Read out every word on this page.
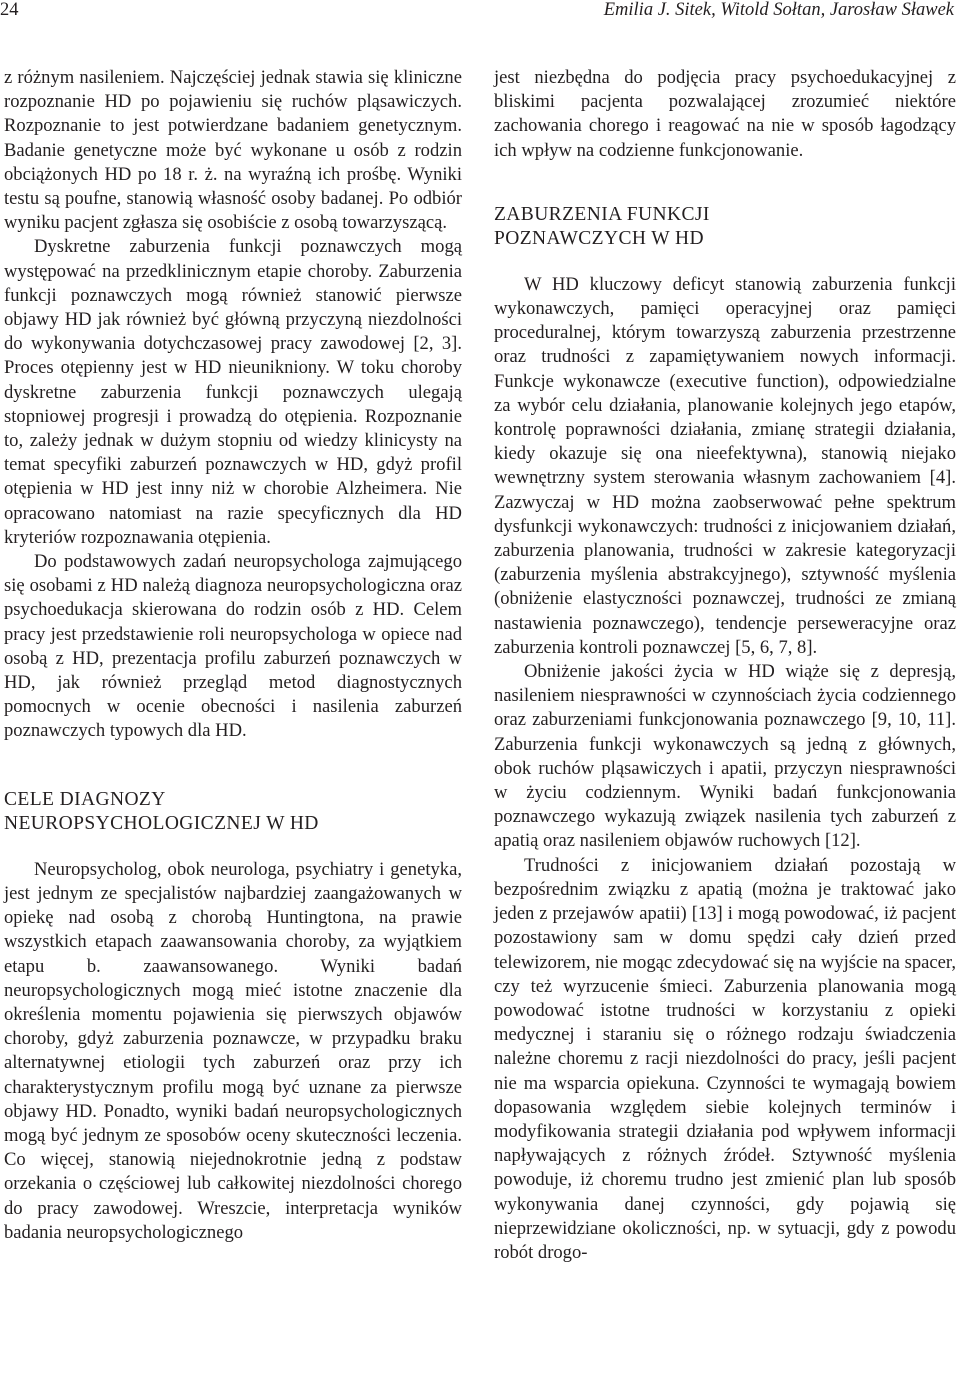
24	Emilia J. Sitek, Witold Sołtan, Jarosław Sławek

z różnym nasileniem. Najczęściej jednak stawia się kliniczne rozpoznanie HD po pojawieniu się ruchów pląsawiczych. Rozpoznanie to jest potwierdzane badaniem genetycznym. Badanie genetyczne może być wykonane u osób z rodzin obciążonych HD po 18 r. ż. na wyraźną ich prośbę. Wyniki testu są poufne, stanowią własność osoby badanej. Po odbiór wyniku pacjent zgłasza się osobiście z osobą towarzyszącą.

Dyskretne zaburzenia funkcji poznawczych mogą występować na przedklinicznym etapie choroby. Zaburzenia funkcji poznawczych mogą również stanowić pierwsze objawy HD jak również być główną przyczyną niezdolności do wykonywania dotychczasowej pracy zawodowej [2, 3]. Proces otępienny jest w HD nieunikniony. W toku choroby dyskretne zaburzenia funkcji poznawczych ulegają stopniowej progresji i prowadzą do otępienia. Rozpoznanie to, zależy jednak w dużym stopniu od wiedzy klinicysty na temat specyfiki zaburzeń poznawczych w HD, gdyż profil otępienia w HD jest inny niż w chorobie Alzheimera. Nie opracowano natomiast na razie specyficznych dla HD kryteriów rozpoznawania otępienia.

Do podstawowych zadań neuropsychologa zajmującego się osobami z HD należą diagnoza neuropsychologiczna oraz psychoedukacja skierowana do rodzin osób z HD. Celem pracy jest przedstawienie roli neuropsychologa w opiece nad osobą z HD, prezentacja profilu zaburzeń poznawczych w HD, jak również przegląd metod diagnostycznych pomocnych w ocenie obecności i nasilenia zaburzeń poznawczych typowych dla HD.

CELE DIAGNOZY
NEUROPSYCHOLOGICZNEJ W HD

Neuropsycholog, obok neurologa, psychiatry i genetyka, jest jednym ze specjalistów najbardziej zaangażowanych w opiekę nad osobą z chorobą Huntingtona, na prawie wszystkich etapach zaawansowania choroby, za wyjątkiem etapu b. zaawansowanego. Wyniki badań neuropsychologicznych mogą mieć istotne znaczenie dla określenia momentu pojawienia się pierwszych objawów choroby, gdyż zaburzenia poznawcze, w przypadku braku alternatywnej etiologii tych zaburzeń oraz przy ich charakterystycznym profilu mogą być uznane za pierwsze objawy HD. Ponadto, wyniki badań neuropsychologicznych mogą być jednym ze sposobów oceny skuteczności leczenia. Co więcej, stanowią niejednokrotnie jedną z podstaw orzekania o częściowej lub całkowitej niezdolności chorego do pracy zawodowej. Wreszcie, interpretacja wyników badania neuropsychologicznego

jest niezbędna do podjęcia pracy psychoedukacyjnej z bliskimi pacjenta pozwalającej zrozumieć niektóre zachowania chorego i reagować na nie w sposób łagodzący ich wpływ na codzienne funkcjonowanie.

ZABURZENIA FUNKCJI
POZNAWCZYCH W HD

W HD kluczowy deficyt stanowią zaburzenia funkcji wykonawczych, pamięci operacyjnej oraz pamięci proceduralnej, którym towarzyszą zaburzenia przestrzenne oraz trudności z zapamiętywaniem nowych informacji. Funkcje wykonawcze (executive function), odpowiedzialne za wybór celu działania, planowanie kolejnych jego etapów, kontrolę poprawności działania, zmianę strategii działania, kiedy okazuje się ona nieefektywna), stanowią niejako wewnętrzny system sterowania własnym zachowaniem [4]. Zazwyczaj w HD można zaobserwować pełne spektrum dysfunkcji wykonawczych: trudności z inicjowaniem działań, zaburzenia planowania, trudności w zakresie kategoryzacji (zaburzenia myślenia abstrakcyjnego), sztywność myślenia (obniżenie elastyczności poznawczej, trudności ze zmianą nastawienia poznawczego), tendencje perseweracyjne oraz zaburzenia kontroli poznawczej [5, 6, 7, 8].

Obniżenie jakości życia w HD wiąże się z depresją, nasileniem niesprawności w czynnościach życia codziennego oraz zaburzeniami funkcjonowania poznawczego [9, 10, 11]. Zaburzenia funkcji wykonawczych są jedną z głównych, obok ruchów pląsawiczych i apatii, przyczyn niesprawności w życiu codziennym. Wyniki badań funkcjonowania poznawczego wykazują związek nasilenia tych zaburzeń z apatią oraz nasileniem objawów ruchowych [12].

Trudności z inicjowaniem działań pozostają w bezpośrednim związku z apatią (można je traktować jako jeden z przejawów apatii) [13] i mogą powodować, iż pacjent pozostawiony sam w domu spędzi cały dzień przed telewizorem, nie mogąc zdecydować się na wyjście na spacer, czy też wyrzucenie śmieci. Zaburzenia planowania mogą powodować istotne trudności w korzystaniu z opieki medycznej i staraniu się o różnego rodzaju świadczenia należne choremu z racji niezdolności do pracy, jeśli pacjent nie ma wsparcia opiekuna. Czynności te wymagają bowiem dopasowania względem siebie kolejnych terminów i modyfikowania strategii działania pod wpływem informacji napływających z różnych źródeł. Sztywność myślenia powoduje, iż choremu trudno jest zmienić plan lub sposób wykonywania danej czynności, gdy pojawią się nieprzewidziane okoliczności, np. w sytuacji, gdy z powodu robót drogo-
